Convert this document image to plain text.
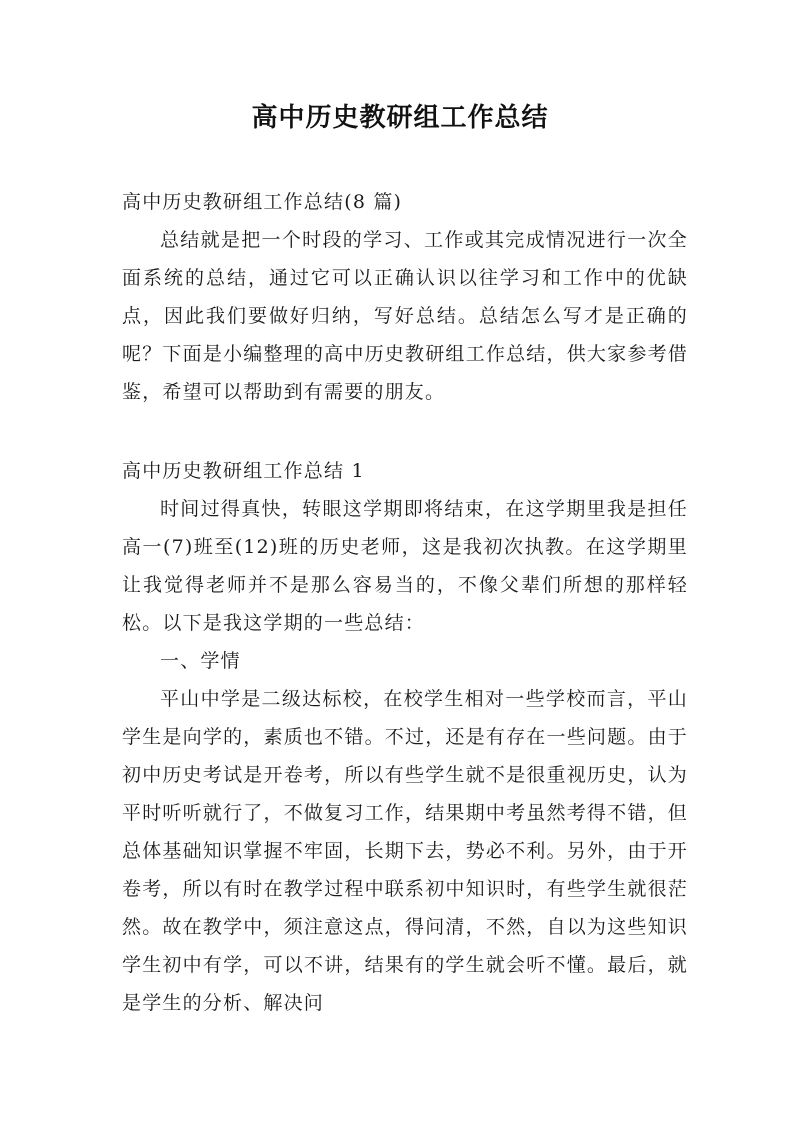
高中历史教研组工作总结
高中历史教研组工作总结(8 篇)

总结就是把一个时段的学习、工作或其完成情况进行一次全面系统的总结，通过它可以正确认识以往学习和工作中的优缺点，因此我们要做好归纳，写好总结。总结怎么写才是正确的呢？下面是小编整理的高中历史教研组工作总结，供大家参考借鉴，希望可以帮助到有需要的朋友。

高中历史教研组工作总结 1

时间过得真快，转眼这学期即将结束，在这学期里我是担任高一(7)班至(12)班的历史老师，这是我初次执教。在这学期里让我觉得老师并不是那么容易当的，不像父辈们所想的那样轻松。以下是我这学期的一些总结：

一、学情

平山中学是二级达标校，在校学生相对一些学校而言，平山学生是向学的，素质也不错。不过，还是有存在一些问题。由于初中历史考试是开卷考，所以有些学生就不是很重视历史，认为平时听听就行了，不做复习工作，结果期中考虽然考得不错，但总体基础知识掌握不牢固，长期下去，势必不利。另外，由于开卷考，所以有时在教学过程中联系初中知识时，有些学生就很茫然。故在教学中，须注意这点，得问清，不然，自以为这些知识学生初中有学，可以不讲，结果有的学生就会听不懂。最后，就是学生的分析、解决问
